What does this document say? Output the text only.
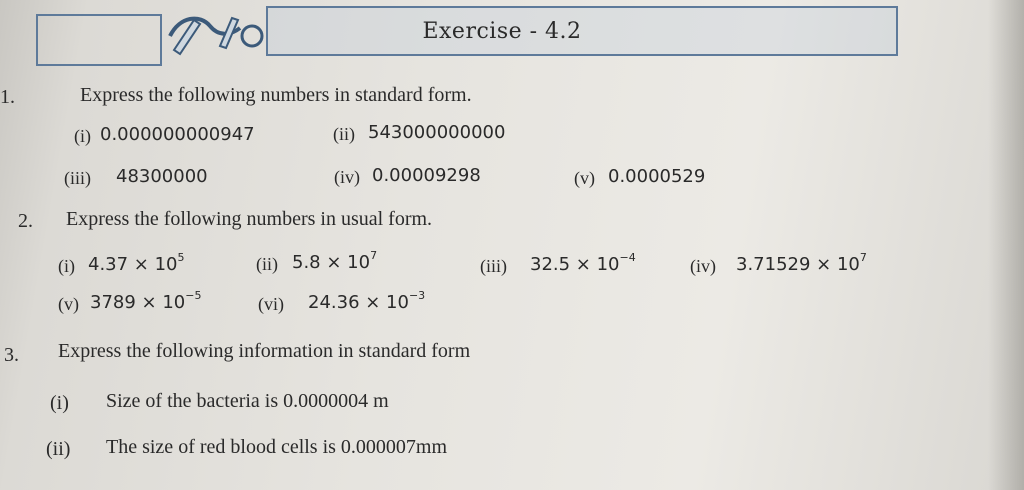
Exercise - 4.2
1.	Express the following numbers in standard form.
(i) 0.000000000947	(ii) 543000000000
(iii) 48300000	(iv) 0.00009298	(v) 0.0000529
2. Express the following numbers in usual form.
(i) $4.37 \times 10^5$	(ii) $5.8 \times 10^7$
(iii) $32.5 \times 10^{-4}$	(iv) $3.71529 \times 10^7$
(v) $3789 \times 10^{-5}$	(vi) $24.36 \times 10^{-3}$
3. Express the following information in standard form
(i) Size of the bacteria is 0.0000004 m
(ii) The size of red blood cells is 0.000007mm
